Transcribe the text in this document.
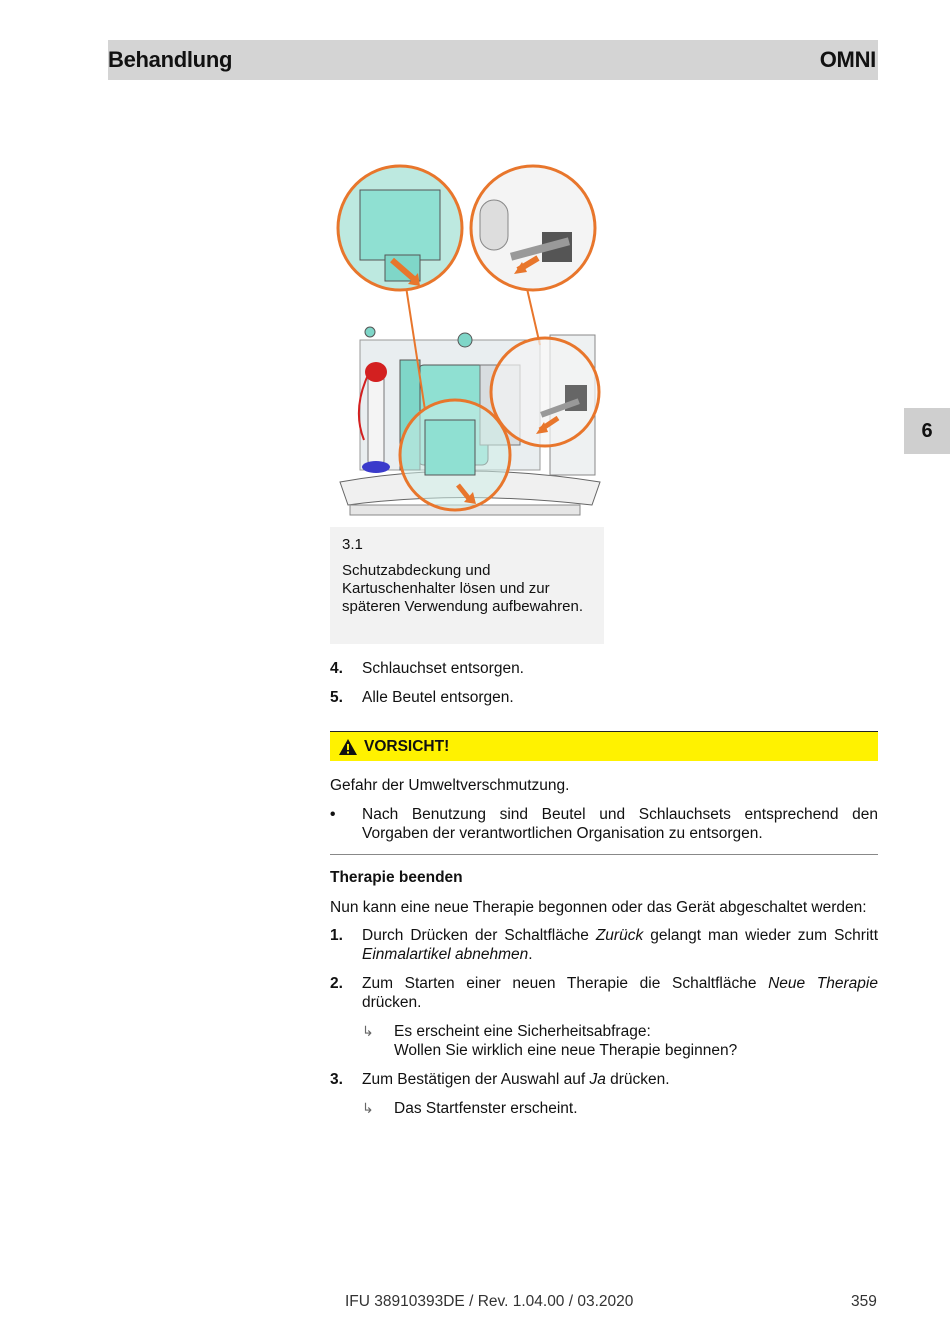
Behandlung	OMNI
6
3.1
Schutzabdeckung und Kartuschenhalter lösen und zur späteren Verwendung aufbewahren.
4.	Schlauchset entsorgen.
5.	Alle Beutel entsorgen.
VORSICHT!
Gefahr der Umweltverschmutzung.
•	Nach Benutzung sind Beutel und Schlauchsets entsprechend den Vorgaben der verantwortlichen Organisation zu entsorgen.
Therapie beenden
Nun kann eine neue Therapie begonnen oder das Gerät abgeschaltet werden:
1.	Durch Drücken der Schaltfläche Zurück gelangt man wieder zum Schritt Einmalartikel abnehmen.
2.	Zum Starten einer neuen Therapie die Schaltfläche Neue Therapie drücken.
↳	Es erscheint eine Sicherheitsabfrage:
Wollen Sie wirklich eine neue Therapie beginnen?
3.	Zum Bestätigen der Auswahl auf Ja drücken.
↳	Das Startfenster erscheint.
IFU 38910393DE / Rev. 1.04.00 / 03.2020	359
